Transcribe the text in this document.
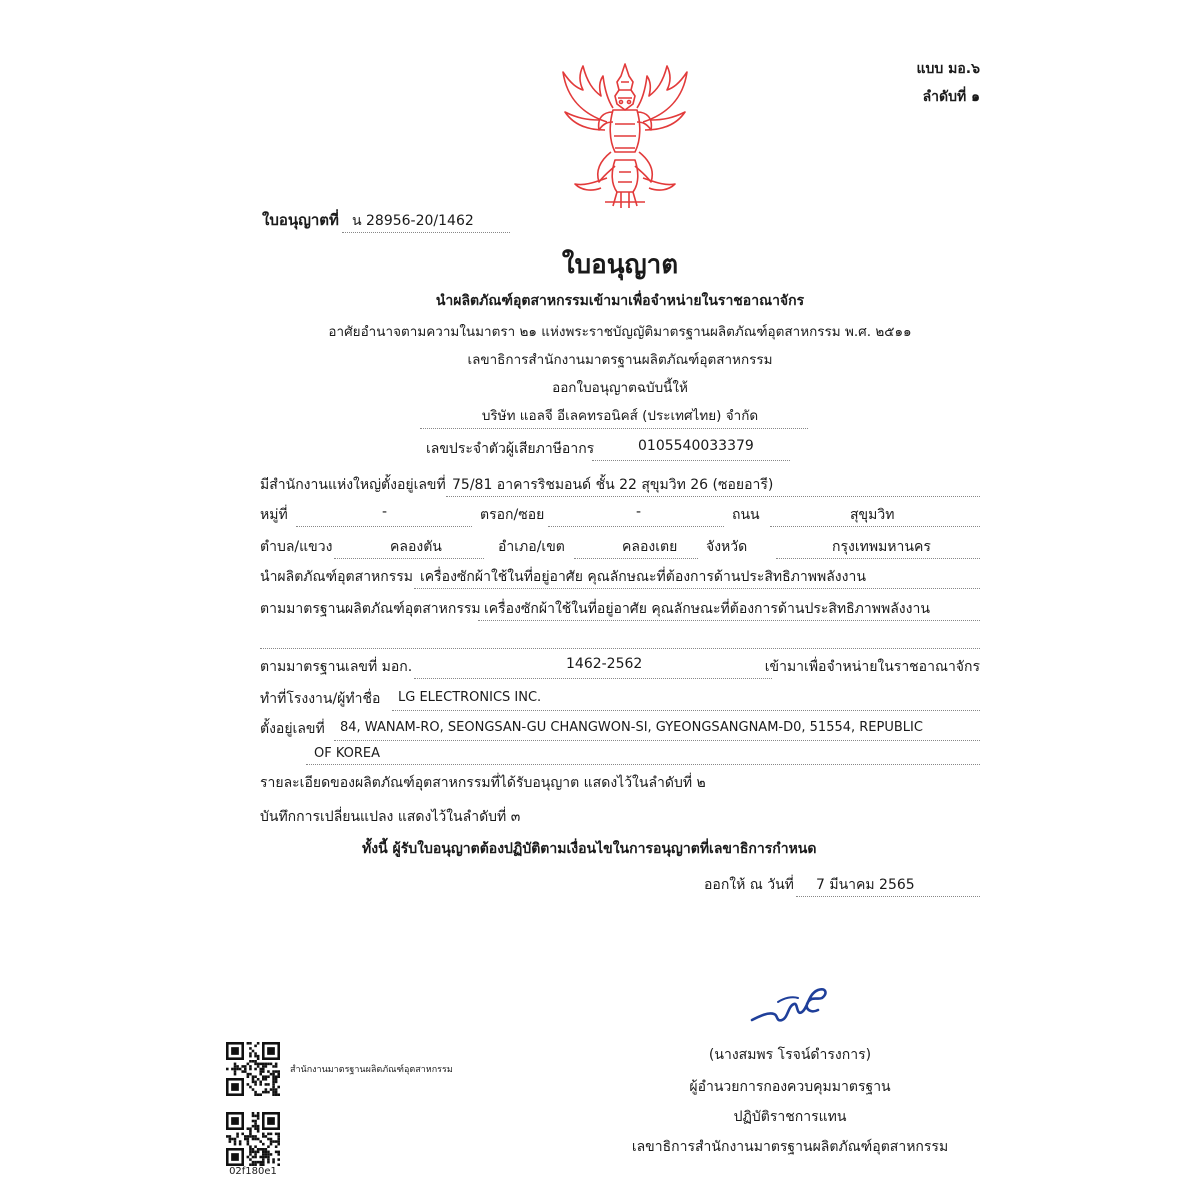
แบบ มอ.๖
ลำดับที่ ๑
ใบอนุญาตที่ น 28956-20/1462
ใบอนุญาต
นำผลิตภัณฑ์อุตสาหกรรมเข้ามาเพื่อจำหน่ายในราชอาณาจักร
อาศัยอำนาจตามความในมาตรา ๒๑ แห่งพระราชบัญญัติมาตรฐานผลิตภัณฑ์อุตสาหกรรม พ.ศ. ๒๕๑๑
เลขาธิการสำนักงานมาตรฐานผลิตภัณฑ์อุตสาหกรรม
ออกใบอนุญาตฉบับนี้ให้
บริษัท แอลจี อีเลคทรอนิคส์ (ประเทศไทย) จำกัด
เลขประจำตัวผู้เสียภาษีอากร	0105540033379
มีสำนักงานแห่งใหญ่ตั้งอยู่เลขที่ 75/81 อาคารริชมอนด์ ชั้น 22 สุขุมวิท 26 (ซอยอารี)
หมู่ที่	-	ตรอก/ซอย	-	ถนน	สุขุมวิท
ตำบล/แขวง	คลองตัน	อำเภอ/เขต	คลองเตย จังหวัด	กรุงเทพมหานคร
นำผลิตภัณฑ์อุตสาหกรรม เครื่องซักผ้าใช้ในที่อยู่อาศัย คุณลักษณะที่ต้องการด้านประสิทธิภาพพลังงาน
ตามมาตรฐานผลิตภัณฑ์อุตสาหกรรม เครื่องซักผ้าใช้ในที่อยู่อาศัย คุณลักษณะที่ต้องการด้านประสิทธิภาพพลังงาน
ตามมาตรฐานเลขที่ มอก.	1462-2562	เข้ามาเพื่อจำหน่ายในราชอาณาจักร
ทำที่โรงงาน/ผู้ทำชื่อ LG ELECTRONICS INC.
ตั้งอยู่เลขที่ 84, WANAM-RO, SEONGSAN-GU CHANGWON-SI, GYEONGSANGNAM-D0, 51554, REPUBLIC
OF KOREA
รายละเอียดของผลิตภัณฑ์อุตสาหกรรมที่ได้รับอนุญาต แสดงไว้ในลำดับที่ ๒
บันทึกการเปลี่ยนแปลง แสดงไว้ในลำดับที่ ๓
ทั้งนี้ ผู้รับใบอนุญาตต้องปฏิบัติตามเงื่อนไขในการอนุญาตที่เลขาธิการกำหนด
ออกให้ ณ วันที่ 7 มีนาคม 2565
(นางสมพร โรจน์ดำรงการ)
ผู้อำนวยการกองควบคุมมาตรฐาน
ปฏิบัติราชการแทน
เลขาธิการสำนักงานมาตรฐานผลิตภัณฑ์อุตสาหกรรม
สำนักงานมาตรฐานผลิตภัณฑ์อุตสาหกรรม
02f180e1
